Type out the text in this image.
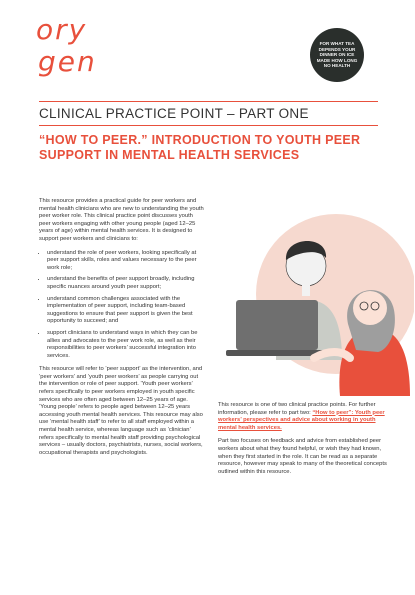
ory
gen
FOR WHAT TEA DEPENDS YOUR DINNER ON ICE MADE HOW LONG NO HEALTH
CLINICAL PRACTICE POINT – PART ONE
“HOW TO PEER.” INTRODUCTION TO YOUTH PEER SUPPORT IN MENTAL HEALTH SERVICES

This resource provides a practical guide for peer workers and mental health clinicians who are new to understanding the youth peer worker role. This clinical practice point discusses youth peer workers engaging with other young people (aged 12–25 years of age) within mental health services. It is designed to support peer workers and clinicians to:

• understand the role of peer workers, looking specifically at peer support skills, roles and values necessary to the peer work role;
• understand the benefits of peer support broadly, including specific nuances around youth peer support;
• understand common challenges associated with the implementation of peer support, including team-based suggestions to ensure that peer support is given the best opportunity to succeed; and
• support clinicians to understand ways in which they can be allies and advocates to the peer work role, as well as their responsibilities to peer workers’ successful integration into services.

This resource will refer to ‘peer support’ as the intervention, and ‘peer workers’ and ‘youth peer workers’ as people carrying out the intervention or role of peer support. ‘Youth peer workers’ refers specifically to peer workers employed in youth specific services who are often aged between 12–25 years of age. ‘Young people’ refers to people aged between 12–25 years accessing youth mental health services. This resource may also use ‘mental health staff’ to refer to all staff employed within a mental health service, whereas language such as ‘clinician’ refers specifically to mental health staff providing psychological services – usually doctors, psychiatrists, nurses, social workers, occupational therapists and psychologists.

This resource is one of two clinical practice points. For further information, please refer to part two: “How to peer”: Youth peer workers’ perspectives and advice about working in youth mental health services.

Part two focuses on feedback and advice from established peer workers about what they found helpful, or wish they had known, when they first started in the role. It can be read as a separate resource, however may speak to many of the theoretical concepts outlined within this resource.
